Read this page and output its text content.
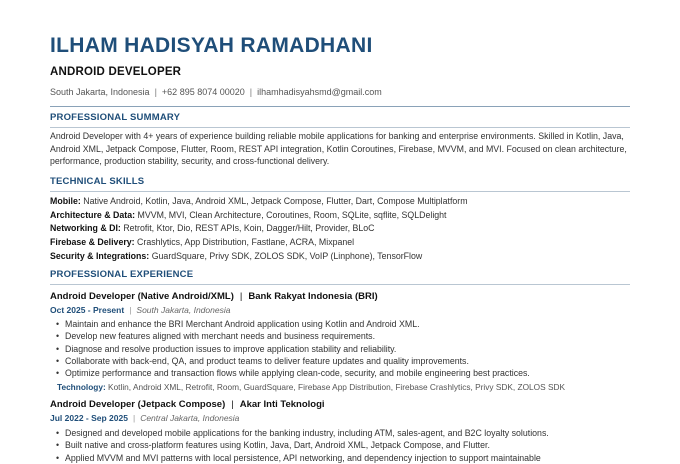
ILHAM HADISYAH RAMADHANI
ANDROID DEVELOPER
South Jakarta, Indonesia | +62 895 8074 00020 | ilhamhadisyahsmd@gmail.com
PROFESSIONAL SUMMARY

Android Developer with 4+ years of experience building reliable mobile applications for banking and enterprise environments. Skilled in Kotlin, Java, Android XML, Jetpack Compose, Flutter, Room, REST API integration, Kotlin Coroutines, Firebase, MVVM, and MVI. Focused on clean architecture, performance, production stability, security, and cross-functional delivery.

TECHNICAL SKILLS
Mobile: Native Android, Kotlin, Java, Android XML, Jetpack Compose, Flutter, Dart, Compose Multiplatform
Architecture & Data: MVVM, MVI, Clean Architecture, Coroutines, Room, SQLite, sqflite, SQLDelight
Networking & DI: Retrofit, Ktor, Dio, REST APIs, Koin, Dagger/Hilt, Provider, BLoC
Firebase & Delivery: Crashlytics, App Distribution, Fastlane, ACRA, Mixpanel
Security & Integrations: GuardSquare, Privy SDK, ZOLOS SDK, VoIP (Linphone), TensorFlow
PROFESSIONAL EXPERIENCE
Android Developer (Native Android/XML) | Bank Rakyat Indonesia (BRI)
Oct 2025 - Present | South Jakarta, Indonesia
• Maintain and enhance the BRI Merchant Android application using Kotlin and Android XML.
• Develop new features aligned with merchant needs and business requirements.
• Diagnose and resolve production issues to improve application stability and reliability.
• Collaborate with back-end, QA, and product teams to deliver feature updates and quality improvements.
• Optimize performance and transaction flows while applying clean-code, security, and mobile engineering best practices.
Technology: Kotlin, Android XML, Retrofit, Room, GuardSquare, Firebase App Distribution, Firebase Crashlytics, Privy SDK, ZOLOS SDK
Android Developer (Jetpack Compose) | Akar Inti Teknologi
Jul 2022 - Sep 2025 | Central Jakarta, Indonesia
• Designed and developed mobile applications for the banking industry, including ATM, sales-agent, and B2C loyalty solutions.
• Built native and cross-platform features using Kotlin, Java, Dart, Android XML, Jetpack Compose, and Flutter.
• Applied MVVM and MVI patterns with local persistence, API networking, and dependency injection to support maintainable
